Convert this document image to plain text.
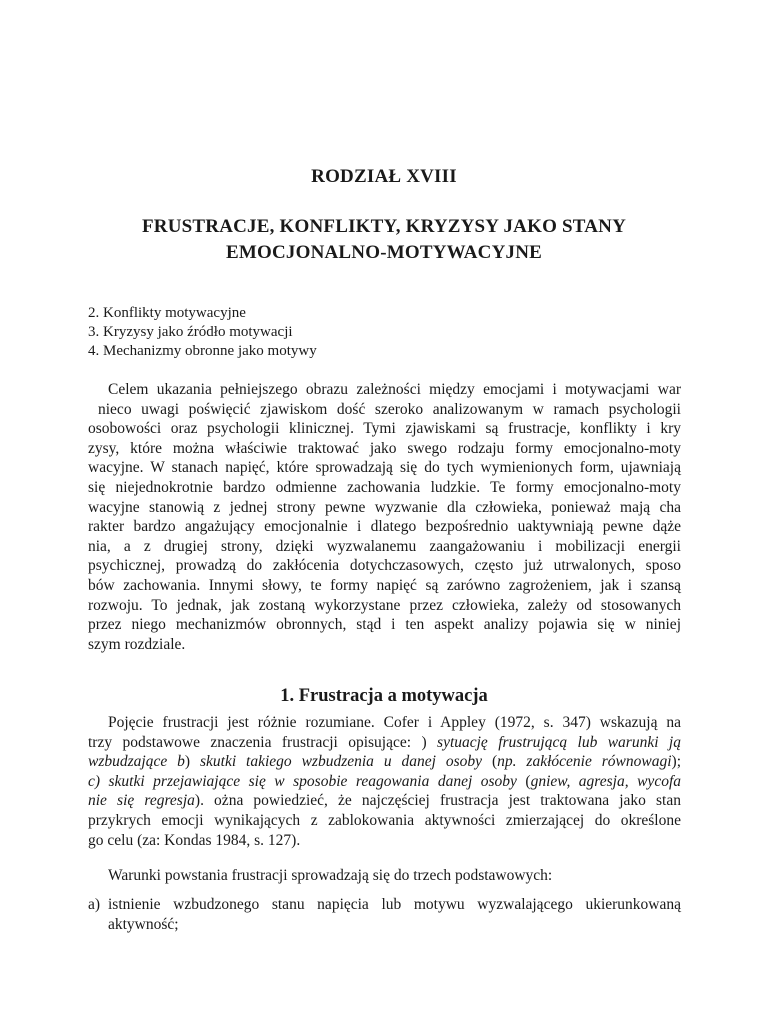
RODZIAŁ XVIII
FRUSTRACJE, KONFLIKTY, KRYZYSY JAKO STANY
EMOCJONALNO-MOTYWACYJNE
2. Konflikty motywacyjne
3. Kryzysy jako źródło motywacji
4. Mechanizmy obronne jako motywy
Celem ukazania pełniejszego obrazu zależności między emocjami i motywacjami war
nieco uwagi poświęcić zjawiskom dość szeroko analizowanym w ramach psychologii
osobowości oraz psychologii klinicznej. Tymi zjawiskami są frustracje, konflikty i kry
zysy, które można właściwie traktować jako swego rodzaju formy emocjonalno-moty
wacyjne. W stanach napięć, które sprowadzają się do tych wymienionych form, ujawniają
się niejednokrotnie bardzo odmienne zachowania ludzkie. Te formy emocjonalno-moty
wacyjne stanowią z jednej strony pewne wyzwanie dla człowieka, ponieważ mają cha
rakter bardzo angażujący emocjonalnie i dlatego bezpośrednio uaktywniają pewne dąże
nia, a z drugiej strony, dzięki wyzwalanemu zaangażowaniu i mobilizacji energii
psychicznej, prowadzą do zakłócenia dotychczasowych, często już utrwalonych, sposo
bów zachowania. Innymi słowy, te formy napięć są zarówno zagrożeniem, jak i szansą
rozwoju. To jednak, jak zostaną wykorzystane przez człowieka, zależy od stosowanych
przez niego mechanizmów obronnych, stąd i ten aspekt analizy pojawia się w niniej
szym rozdziale.
1. Frustracja a motywacja
Pojęcie frustracji jest różnie rozumiane. Cofer i Appley (1972, s. 347) wskazują na
trzy podstawowe znaczenia frustracji opisujące: ) sytuację frustrującą lub warunki ją
wzbudzające b) skutki takiego wzbudzenia u danej osoby (np. zakłócenie równowagi);
c) skutki przejawiające się w sposobie reagowania danej osoby (gniew, agresja, wycofa
nie się regresja). ożna powiedzieć, że najczęściej frustracja jest traktowana jako stan
przykrych emocji wynikających z zablokowania aktywności zmierzającej do określone
go celu (za: Kondas 1984, s. 127).
Warunki powstania frustracji sprowadzają się do trzech podstawowych:
a) istnienie wzbudzonego stanu napięcia lub motywu wyzwalającego ukierunkowaną
aktywność;
